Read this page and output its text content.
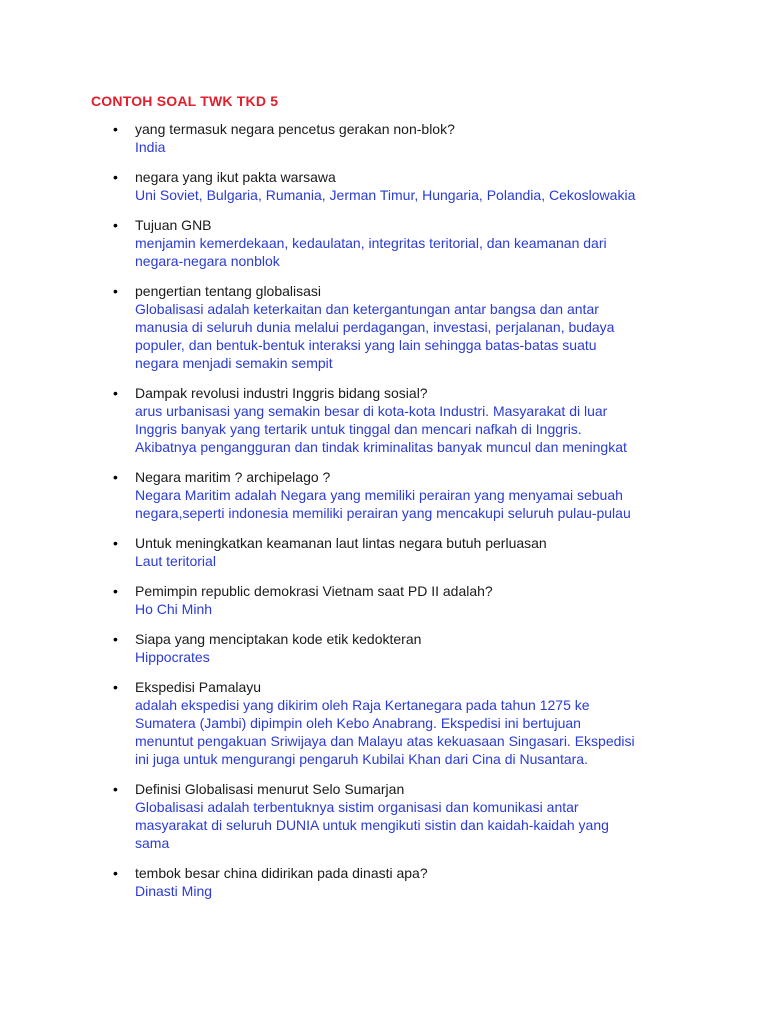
CONTOH SOAL TWK TKD 5
• yang termasuk negara pencetus gerakan non-blok?
India
• negara yang ikut pakta warsawa
Uni Soviet, Bulgaria, Rumania, Jerman Timur, Hungaria, Polandia, Cekoslowakia
• Tujuan GNB
menjamin kemerdekaan, kedaulatan, integritas teritorial, dan keamanan dari
negara-negara nonblok
• pengertian tentang globalisasi
Globalisasi adalah keterkaitan dan ketergantungan antar bangsa dan antar
manusia di seluruh dunia melalui perdagangan, investasi, perjalanan, budaya
populer, dan bentuk-bentuk interaksi yang lain sehingga batas-batas suatu
negara menjadi semakin sempit
• Dampak revolusi industri Inggris bidang sosial?
arus urbanisasi yang semakin besar di kota-kota Industri. Masyarakat di luar
Inggris banyak yang tertarik untuk tinggal dan mencari nafkah di Inggris.
Akibatnya pengangguran dan tindak kriminalitas banyak muncul dan meningkat
• Negara maritim ? archipelago ?
Negara Maritim adalah Negara yang memiliki perairan yang menyamai sebuah
negara,seperti indonesia memiliki perairan yang mencakupi seluruh pulau-pulau
• Untuk meningkatkan keamanan laut lintas negara butuh perluasan
Laut teritorial
• Pemimpin republic demokrasi Vietnam saat PD II adalah?
Ho Chi Minh
• Siapa yang menciptakan kode etik kedokteran
Hippocrates
• Ekspedisi Pamalayu
adalah ekspedisi yang dikirim oleh Raja Kertanegara pada tahun 1275 ke
Sumatera (Jambi) dipimpin oleh Kebo Anabrang. Ekspedisi ini bertujuan
menuntut pengakuan Sriwijaya dan Malayu atas kekuasaan Singasari. Ekspedisi
ini juga untuk mengurangi pengaruh Kubilai Khan dari Cina di Nusantara.
• Definisi Globalisasi menurut Selo Sumarjan
Globalisasi adalah terbentuknya sistim organisasi dan komunikasi antar
masyarakat di seluruh DUNIA untuk mengikuti sistin dan kaidah-kaidah yang
sama
• tembok besar china didirikan pada dinasti apa?
Dinasti Ming
